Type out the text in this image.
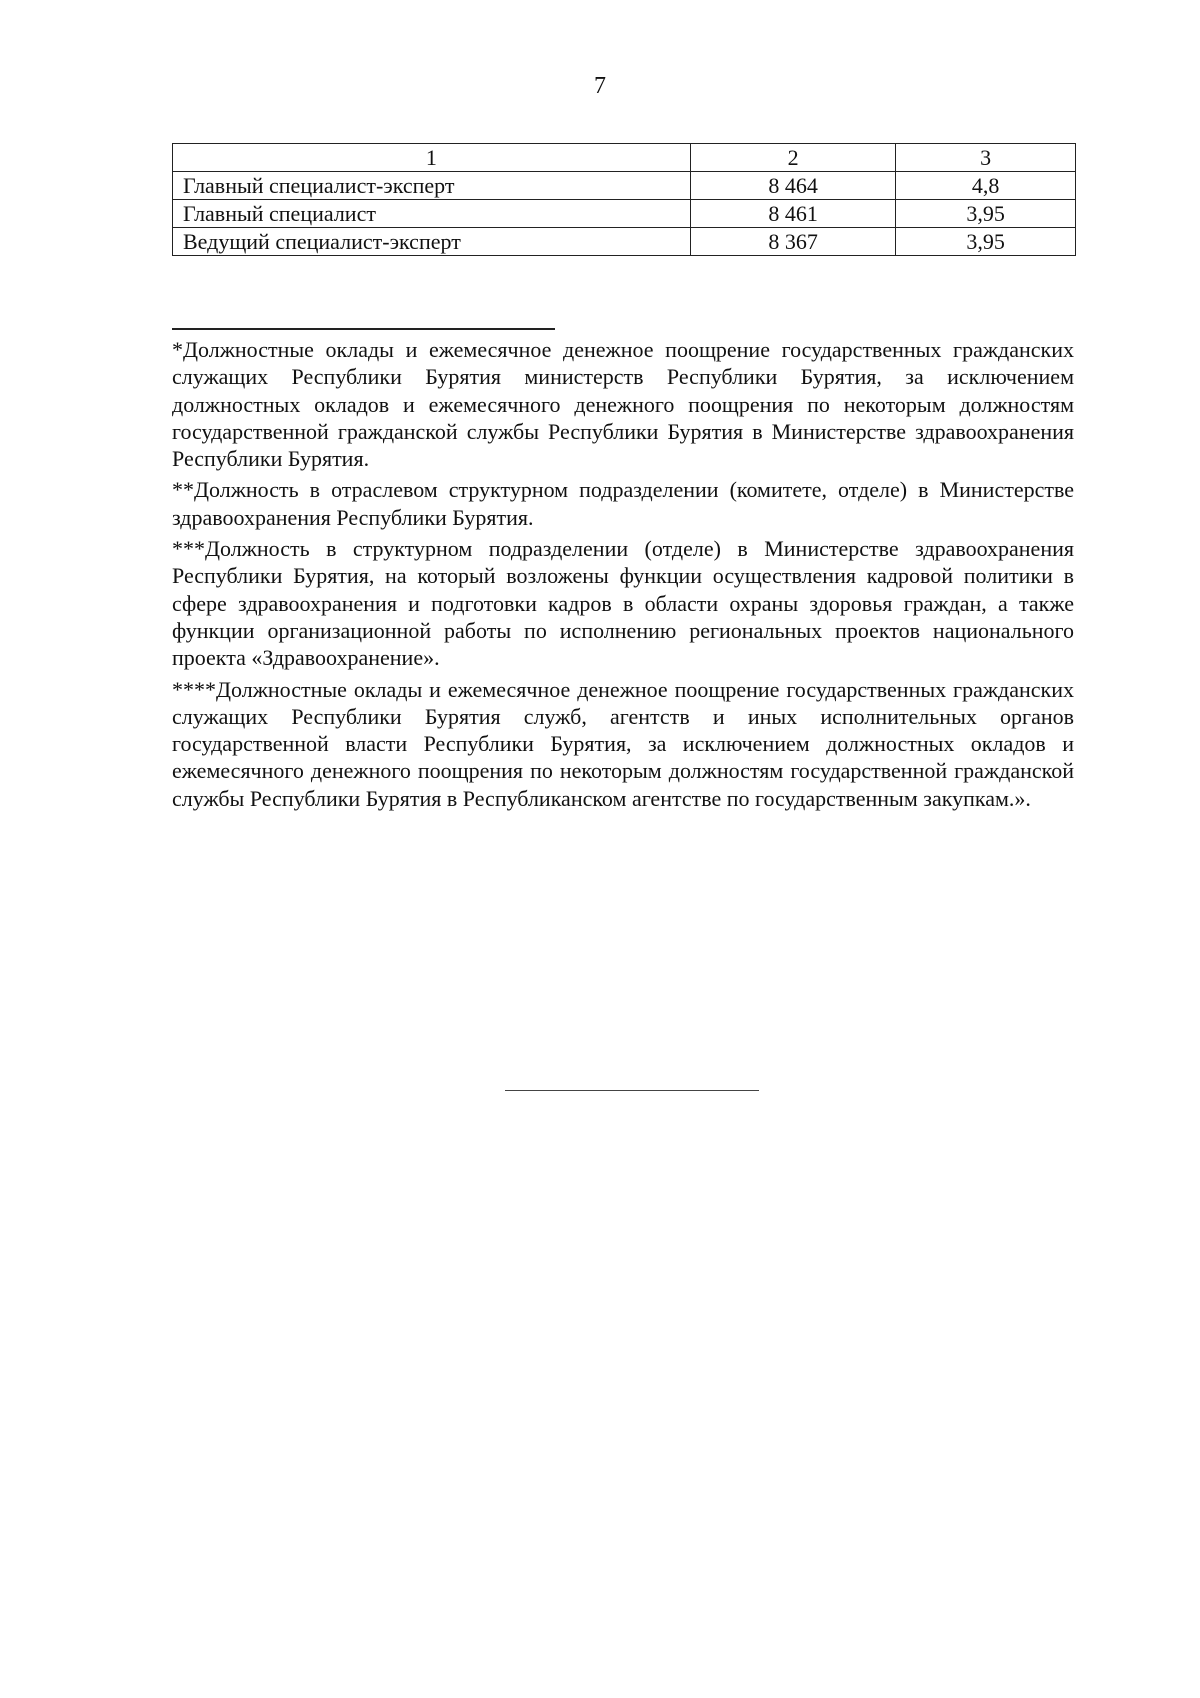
7
1	2	3
Главный специалист-эксперт	8 464	4,8
Главный специалист	8 461	3,95
Ведущий специалист-эксперт	8 367	3,95

*Должностные оклады и ежемесячное денежное поощрение государственных гражданских служащих Республики Бурятия министерств Республики Бурятия, за исключением должностных окладов и ежемесячного денежного поощрения по некоторым должностям государственной гражданской службы Республики Бурятия в Министерстве здравоохранения Республики Бурятия.

**Должность в отраслевом структурном подразделении (комитете, отделе) в Министерстве здравоохранения Республики Бурятия.

***Должность в структурном подразделении (отделе) в Министерстве здравоохранения Республики Бурятия, на который возложены функции осуществления кадровой политики в сфере здравоохранения и подготовки кадров в области охраны здоровья граждан, а также функции организационной работы по исполнению региональных проектов национального проекта «Здравоохранение».

****Должностные оклады и ежемесячное денежное поощрение государственных гражданских служащих Республики Бурятия служб, агентств и иных исполнительных органов государственной власти Республики Бурятия, за исключением должностных окладов и ежемесячного денежного поощрения по некоторым должностям государственной гражданской службы Республики Бурятия в Республиканском агентстве по государственным закупкам.».
